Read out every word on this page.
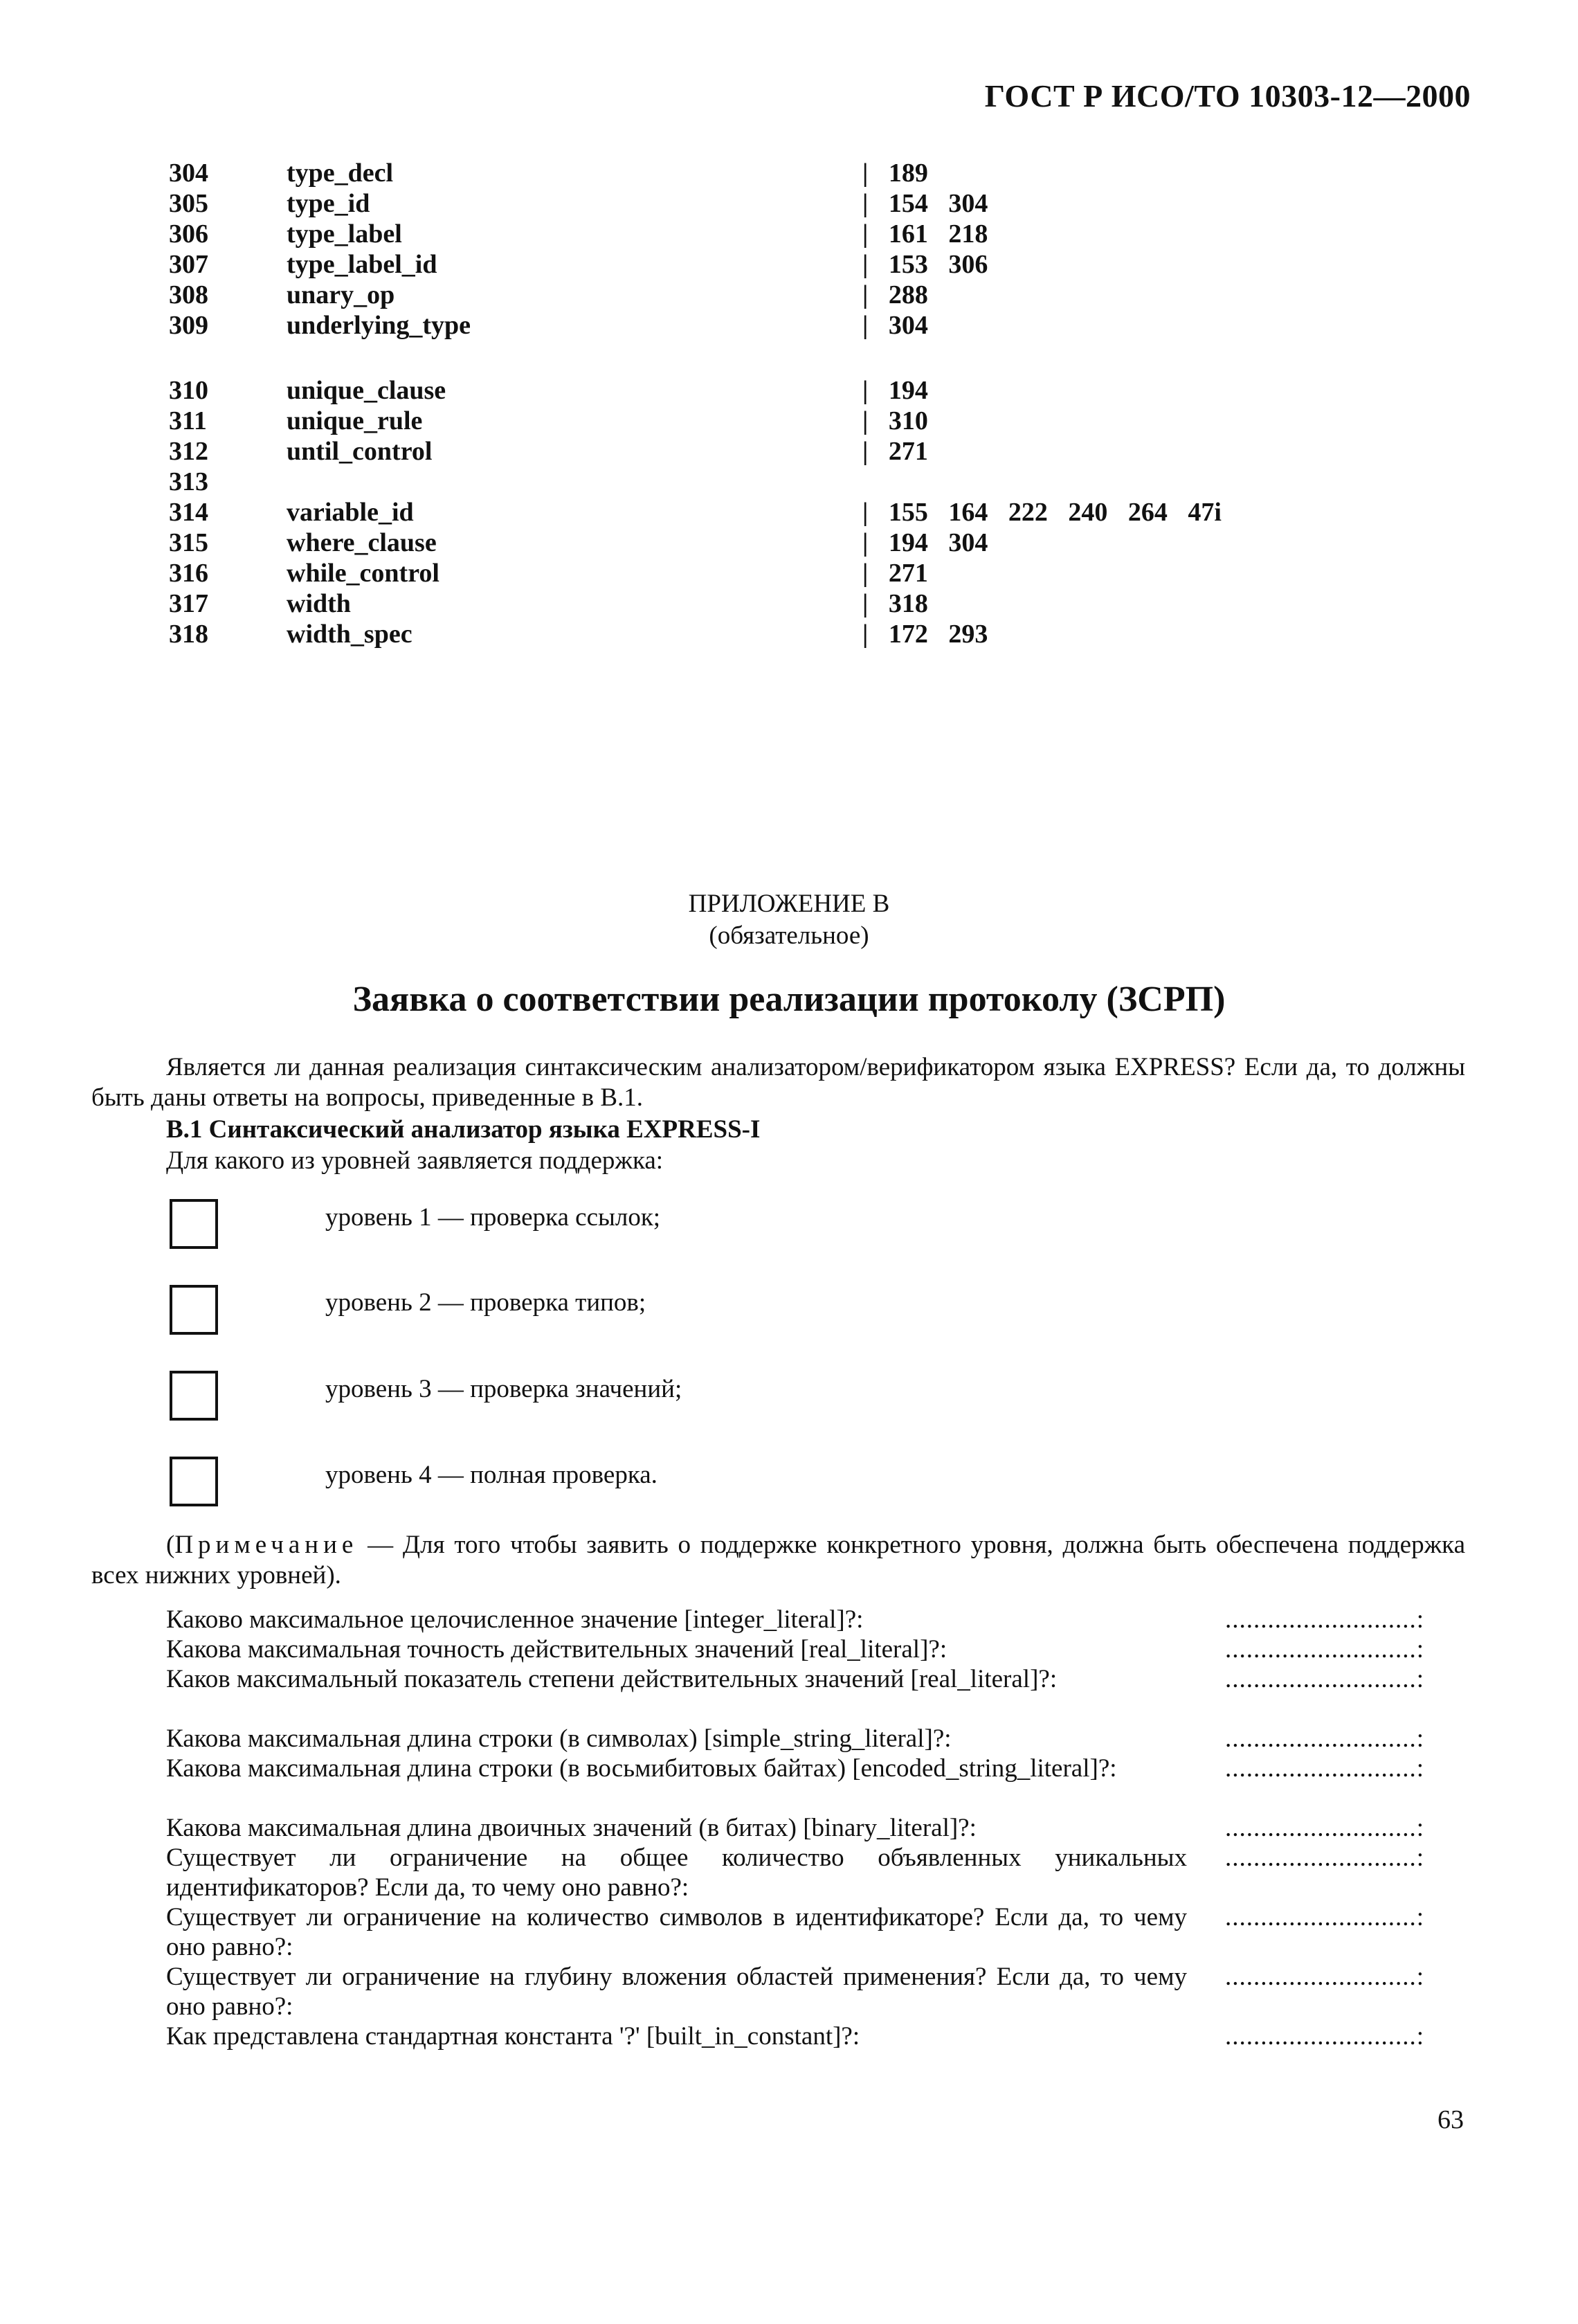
ГОСТ Р ИСО/ТО 10303-12—2000
304	type_decl	| 189
305	type_id	| 154 304
306	type_label	| 161 218
307	type_label_id	| 153 306
308	unary_op	| 288
309	underlying_type	| 304
310	unique_clause	| 194
311	unique_rule	| 310
312	until_control	| 271
313
314	variable_id	| 155 164 222 240 264 47i
315	where_clause	| 194 304
316	while_control	| 271
317	width	| 318
318	width_spec	| 172 293
ПРИЛОЖЕНИЕ В
(обязательное)
Заявка о соответствии реализации протоколу (ЗСРП)
Является ли данная реализация синтаксическим анализатором/верификатором языка EXPRESS? Если да, то должны быть даны ответы на вопросы, приведенные в В.1.
В.1 Синтаксический анализатор языка EXPRESS-I
Для какого из уровней заявляется поддержка:
уровень 1 — проверка ссылок;
уровень 2 — проверка типов;
уровень 3 — проверка значений;
уровень 4 — полная проверка.
(Примечание — Для того чтобы заявить о поддержке конкретного уровня, должна быть обеспечена поддержка всех нижних уровней).
Каково максимальное целочисленное значение [integer_literal]?:	...........................:
Какова максимальная точность действительных значений [real_literal]?:	...........................:
Каков максимальный показатель степени действительных значений [real_literal]?:	...........................:
Какова максимальная длина строки (в символах) [simple_string_literal]?:	...........................:
Какова максимальная длина строки (в восьмибитовых байтах) [encoded_string_literal]?:	...........................:
Какова максимальная длина двоичных значений (в битах) [binary_literal]?:	...........................:
Существует ли ограничение на общее количество объявленных уникальных идентификаторов? Если да, то чему оно равно?:
...........................:
Существует ли ограничение на количество символов в идентификаторе? Если да, то чему оно равно?:
...........................:
Существует ли ограничение на глубину вложения областей применения? Если да, то чему оно равно?:
...........................:
Как представлена стандартная константа '?' [built_in_constant]?:	...........................:
63
